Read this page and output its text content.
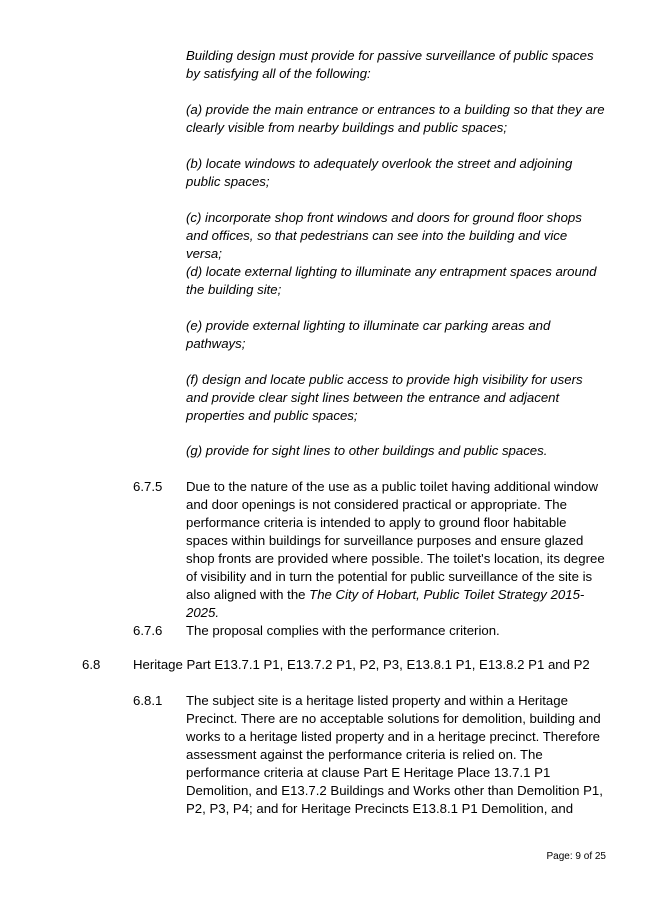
Building design must provide for passive surveillance of public spaces by satisfying all of the following:

(a) provide the main entrance or entrances to a building so that they are clearly visible from nearby buildings and public spaces;

(b) locate windows to adequately overlook the street and adjoining public spaces;

(c) incorporate shop front windows and doors for ground floor shops and offices, so that pedestrians can see into the building and vice versa;

(d) locate external lighting to illuminate any entrapment spaces around the building site;

(e) provide external lighting to illuminate car parking areas and pathways;

(f) design and locate public access to provide high visibility for users and provide clear sight lines between the entrance and adjacent properties and public spaces;

(g) provide for sight lines to other buildings and public spaces.

6.7.5 Due to the nature of the use as a public toilet having additional window and door openings is not considered practical or appropriate. The performance criteria is intended to apply to ground floor habitable spaces within buildings for surveillance purposes and ensure glazed shop fronts are provided where possible. The toilet's location, its degree of visibility and in turn the potential for public surveillance of the site is also aligned with the The City of Hobart, Public Toilet Strategy 2015-2025.

6.7.6 The proposal complies with the performance criterion.

6.8 Heritage Part E13.7.1 P1, E13.7.2 P1, P2, P3, E13.8.1 P1, E13.8.2 P1 and P2

6.8.1 The subject site is a heritage listed property and within a Heritage Precinct. There are no acceptable solutions for demolition, building and works to a heritage listed property and in a heritage precinct. Therefore assessment against the performance criteria is relied on. The performance criteria at clause Part E Heritage Place 13.7.1 P1 Demolition, and E13.7.2 Buildings and Works other than Demolition P1, P2, P3, P4; and for Heritage Precincts E13.8.1 P1 Demolition, and

Page: 9 of 25
